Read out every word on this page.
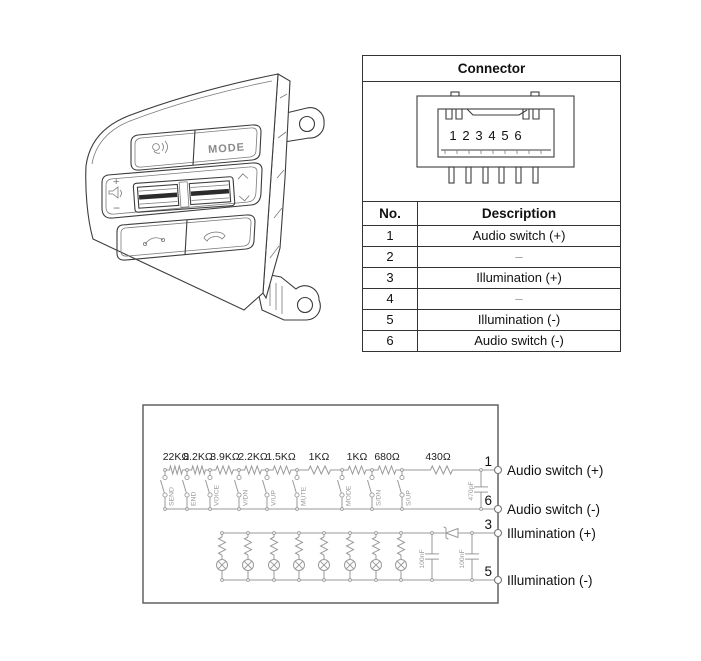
MODE
+
−
Connector
1 2 3 4 5 6
No.	Description
1	Audio switch (+)
2	–
3	Illumination (+)
4	–
5	Illumination (-)
6	Audio switch (-)
22KΩ
8.2KΩ
3.9KΩ
2.2KΩ
1.5KΩ 1KΩ 1KΩ 680Ω 430Ω
SEND END VOICE	V/DN	V/UP	MUTE	MODE	S/DN	S/UP	470pF
100nF	100nF
1
6
3
5
Audio switch (+)
Audio switch (-)
Illumination (+)
Illumination (-)
